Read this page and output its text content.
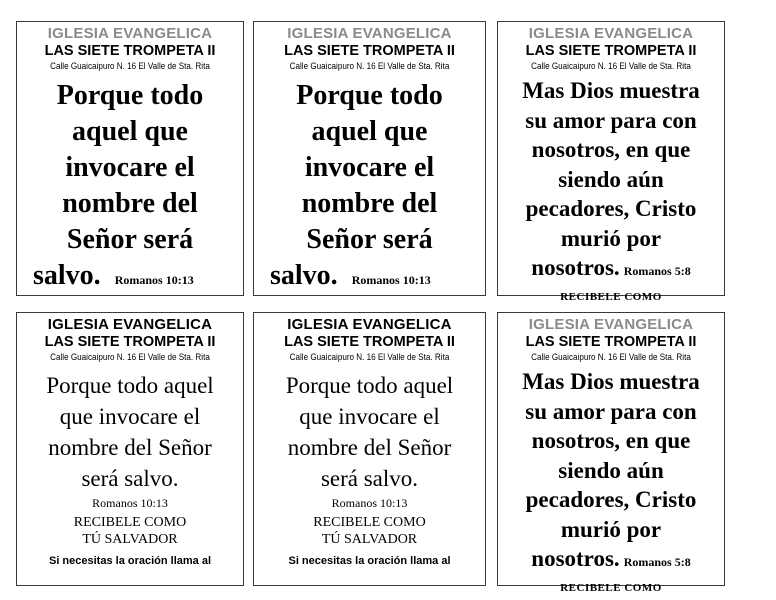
IGLESIA EVANGELICA
LAS SIETE TROMPETA II
Calle Guaicaipuro N. 16 El Valle de Sta. Rita
Porque todo
aquel que
invocare el
nombre del
Señor será
salvo. Romanos 10:13
IGLESIA EVANGELICA
LAS SIETE TROMPETA II
Calle Guaicaipuro N. 16 El Valle de Sta. Rita
Porque todo
aquel que
invocare el
nombre del
Señor será
salvo. Romanos 10:13
IGLESIA EVANGELICA
LAS SIETE TROMPETA II
Calle Guaicaipuro N. 16 El Valle de Sta. Rita
Mas Dios muestra
su amor para con
nosotros, en que
siendo aún
pecadores, Cristo
murió por
nosotros. Romanos 5:8
RECIBELE COMO
IGLESIA EVANGELICA
LAS SIETE TROMPETA II
Calle Guaicaipuro N. 16 El Valle de Sta. Rita
Porque todo aquel
que invocare el
nombre del Señor
será salvo.
Romanos 10:13
RECIBELE COMO
TÚ SALVADOR
Si necesitas la oración llama al
IGLESIA EVANGELICA
LAS SIETE TROMPETA II
Calle Guaicaipuro N. 16 El Valle de Sta. Rita
Porque todo aquel
que invocare el
nombre del Señor
será salvo.
Romanos 10:13
RECIBELE COMO
TÚ SALVADOR
Si necesitas la oración llama al
IGLESIA EVANGELICA
LAS SIETE TROMPETA II
Calle Guaicaipuro N. 16 El Valle de Sta. Rita
Mas Dios muestra
su amor para con
nosotros, en que
siendo aún
pecadores, Cristo
murió por
nosotros. Romanos 5:8
RECIBELE COMO
